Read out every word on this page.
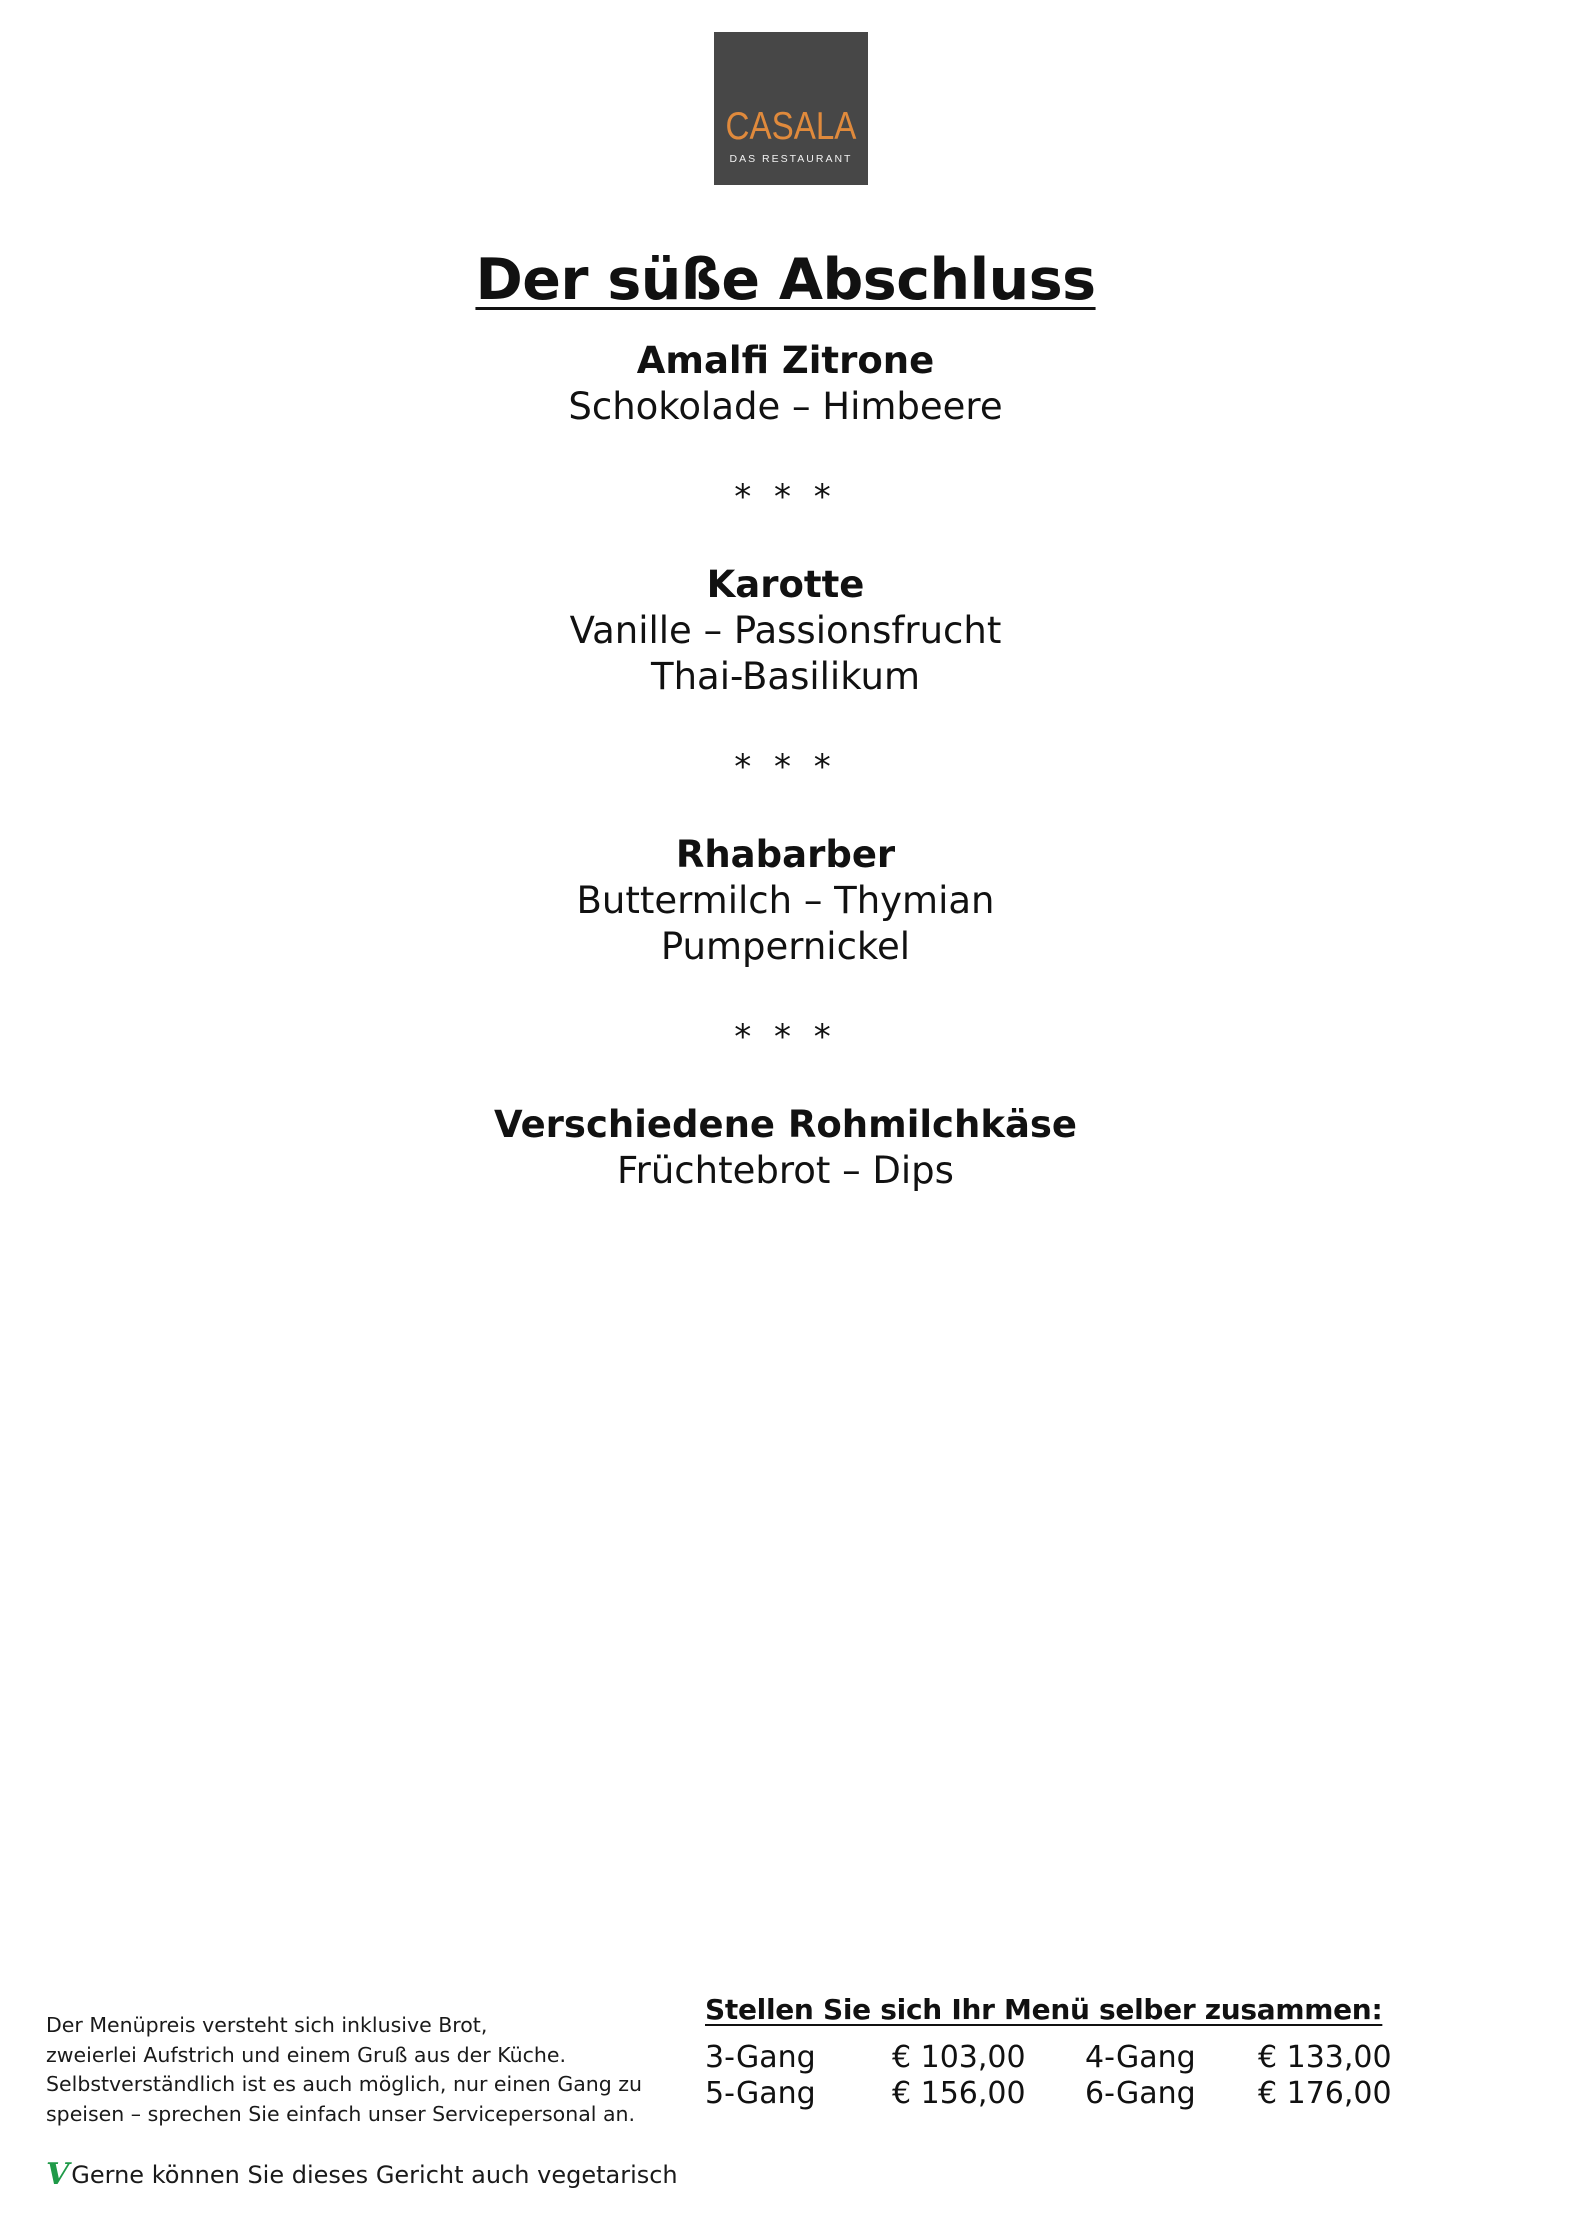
CASALA
DAS RESTAURANT
Der süße Abschluss
Amalfi Zitrone
Schokolade – Himbeere
* * *
Karotte
Vanille – Passionsfrucht
Thai-Basilikum
* * *
Rhabarber
Buttermilch – Thymian
Pumpernickel
* * *
Verschiedene Rohmilchkäse
Früchtebrot – Dips
Der Menüpreis versteht sich inklusive Brot,
zweierlei Aufstrich und einem Gruß aus der Küche.
Selbstverständlich ist es auch möglich, nur einen Gang zu
speisen – sprechen Sie einfach unser Servicepersonal an.
V Gerne können Sie dieses Gericht auch vegetarisch
Stellen Sie sich Ihr Menü selber zusammen:
3-Gang	€ 103,00	4-Gang	€ 133,00
5-Gang	€ 156,00	6-Gang	€ 176,00
